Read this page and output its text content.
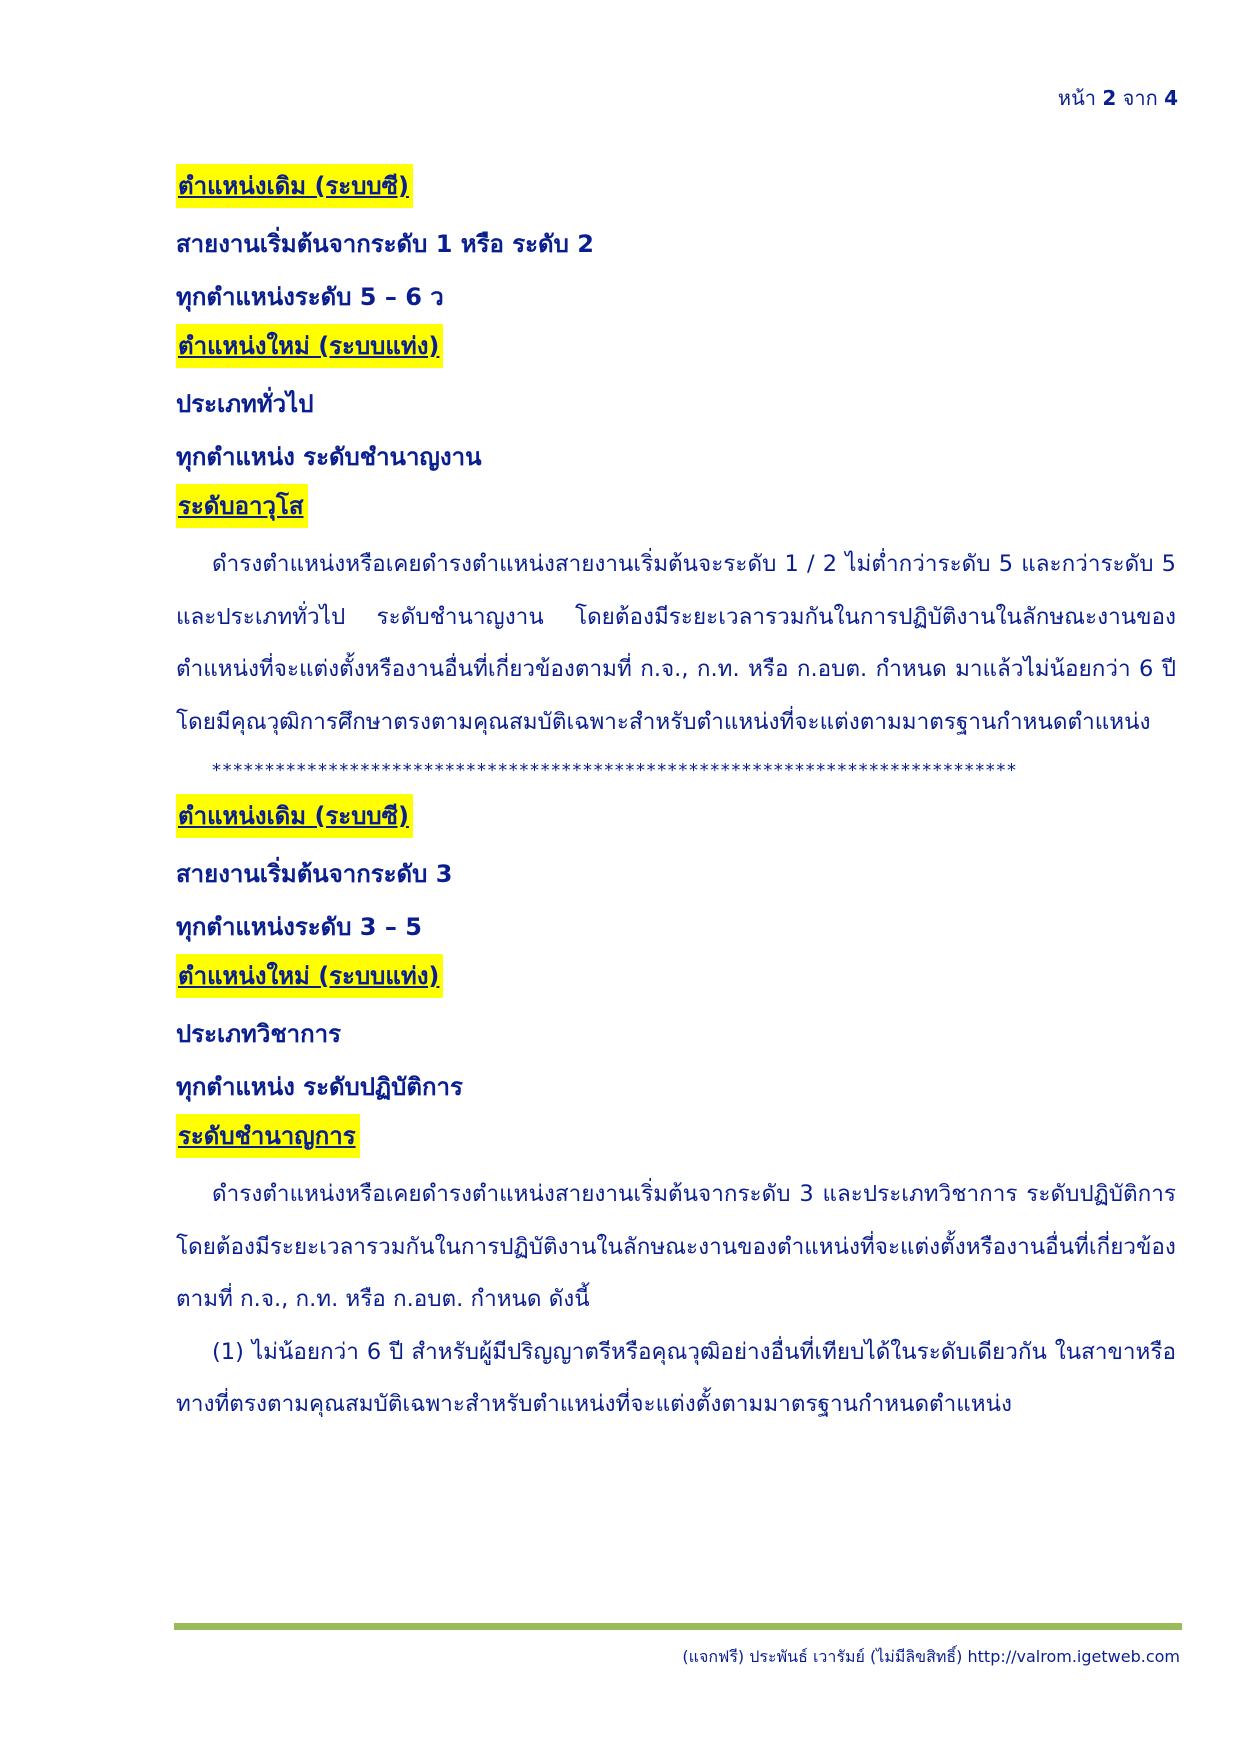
หน้า 2 จาก 4
ตำแหน่งเดิม (ระบบซี)
สายงานเริ่มต้นจากระดับ 1 หรือ ระดับ 2
ทุกตำแหน่งระดับ 5 – 6 ว
ตำแหน่งใหม่ (ระบบแท่ง)
ประเภททั่วไป
ทุกตำแหน่ง ระดับชำนาญงาน
ระดับอาวุโส

ดำรงตำแหน่งหรือเคยดำรงตำแหน่งสายงานเริ่มต้นจะระดับ 1 / 2 ไม่ต่ำกว่าระดับ 5 และกว่าระดับ 5 และประเภททั่วไป ระดับชำนาญงาน โดยต้องมีระยะเวลารวมกันในการปฏิบัติงานในลักษณะงานของตำแหน่งที่จะแต่งตั้งหรืองานอื่นที่เกี่ยวข้องตามที่ ก.จ., ก.ท. หรือ ก.อบต. กำหนด มาแล้วไม่น้อยกว่า 6 ปี โดยมีคุณวุฒิการศึกษาตรงตามคุณสมบัติเฉพาะสำหรับตำแหน่งที่จะแต่งตามมาตรฐานกำหนดตำแหน่ง

****************************************************************************
ตำแหน่งเดิม (ระบบซี)
สายงานเริ่มต้นจากระดับ 3
ทุกตำแหน่งระดับ 3 – 5
ตำแหน่งใหม่ (ระบบแท่ง)
ประเภทวิชาการ
ทุกตำแหน่ง ระดับปฏิบัติการ
ระดับชำนาญการ

ดำรงตำแหน่งหรือเคยดำรงตำแหน่งสายงานเริ่มต้นจากระดับ 3 และประเภทวิชาการ ระดับปฏิบัติการ โดยต้องมีระยะเวลารวมกันในการปฏิบัติงานในลักษณะงานของตำแหน่งที่จะแต่งตั้งหรืองานอื่นที่เกี่ยวข้องตามที่ ก.จ., ก.ท. หรือ ก.อบต. กำหนด ดังนี้

(1) ไม่น้อยกว่า 6 ปี สำหรับผู้มีปริญญาตรีหรือคุณวุฒิอย่างอื่นที่เทียบได้ในระดับเดียวกัน ในสาขาหรือทางที่ตรงตามคุณสมบัติเฉพาะสำหรับตำแหน่งที่จะแต่งตั้งตามมาตรฐานกำหนดตำแหน่ง

(แจกฟรี) ประพันธ์ เวารัมย์ (ไม่มีลิขสิทธิ์) http://valrom.igetweb.com
